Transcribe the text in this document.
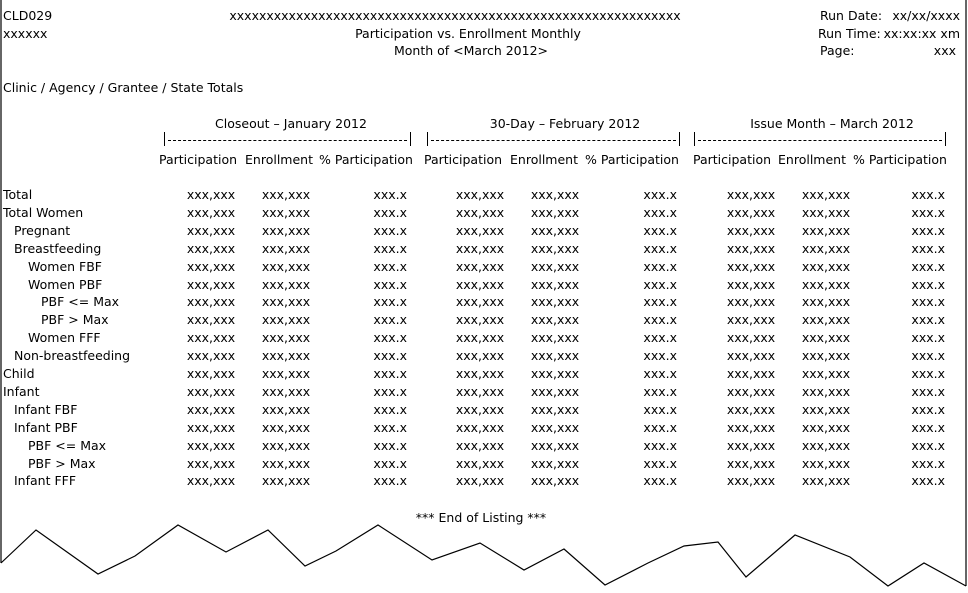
CLD029
xxxxxx
xxxxxxxxxxxxxxxxxxxxxxxxxxxxxxxxxxxxxxxxxxxxxxxxxxxxxxxxxxxxx
Participation vs. Enrollment Monthly
Month of <March 2012>
Run Date: xx/xx/xxxx
Run Time: xx:xx:xx xm
Page:	xxx
Clinic / Agency / Grantee / State Totals
Closeout – January 2012	30-Day – February 2012	Issue Month – March 2012
Participation Enrollment % Participation Participation Enrollment % Participation Participation Enrollment % Participation
Total	xxx,xxx xxx,xxx	xxx.x	xxx,xxx xxx,xxx	xxx.x	xxx,xxx xxx,xxx	xxx.x
Total Women	xxx,xxx xxx,xxx	xxx.x	xxx,xxx xxx,xxx	xxx.x	xxx,xxx xxx,xxx	xxx.x
Pregnant	xxx,xxx xxx,xxx	xxx.x	xxx,xxx xxx,xxx	xxx.x	xxx,xxx xxx,xxx	xxx.x
Breastfeeding	xxx,xxx xxx,xxx	xxx.x	xxx,xxx xxx,xxx	xxx.x	xxx,xxx xxx,xxx	xxx.x
Women FBF	xxx,xxx xxx,xxx	xxx.x	xxx,xxx xxx,xxx	xxx.x	xxx,xxx xxx,xxx	xxx.x
Women PBF	xxx,xxx xxx,xxx	xxx.x	xxx,xxx xxx,xxx	xxx.x	xxx,xxx xxx,xxx	xxx.x
PBF <= Max	xxx,xxx xxx,xxx	xxx.x	xxx,xxx xxx,xxx	xxx.x	xxx,xxx xxx,xxx	xxx.x
PBF > Max	xxx,xxx xxx,xxx	xxx.x	xxx,xxx xxx,xxx	xxx.x	xxx,xxx xxx,xxx	xxx.x
Women FFF	xxx,xxx xxx,xxx	xxx.x	xxx,xxx xxx,xxx	xxx.x	xxx,xxx xxx,xxx	xxx.x
Non-breastfeeding	xxx,xxx xxx,xxx	xxx.x	xxx,xxx xxx,xxx	xxx.x	xxx,xxx xxx,xxx	xxx.x
Child	xxx,xxx xxx,xxx	xxx.x	xxx,xxx xxx,xxx	xxx.x	xxx,xxx xxx,xxx	xxx.x
Infant	xxx,xxx xxx,xxx	xxx.x	xxx,xxx xxx,xxx	xxx.x	xxx,xxx xxx,xxx	xxx.x
Infant FBF	xxx,xxx xxx,xxx	xxx.x	xxx,xxx xxx,xxx	xxx.x	xxx,xxx xxx,xxx	xxx.x
Infant PBF	xxx,xxx xxx,xxx	xxx.x	xxx,xxx xxx,xxx	xxx.x	xxx,xxx xxx,xxx	xxx.x
PBF <= Max	xxx,xxx xxx,xxx	xxx.x	xxx,xxx xxx,xxx	xxx.x	xxx,xxx xxx,xxx	xxx.x
PBF > Max	xxx,xxx xxx,xxx	xxx.x	xxx,xxx xxx,xxx	xxx.x	xxx,xxx xxx,xxx	xxx.x
Infant FFF	xxx,xxx xxx,xxx	xxx.x	xxx,xxx xxx,xxx	xxx.x	xxx,xxx xxx,xxx	xxx.x
*** End of Listing ***
